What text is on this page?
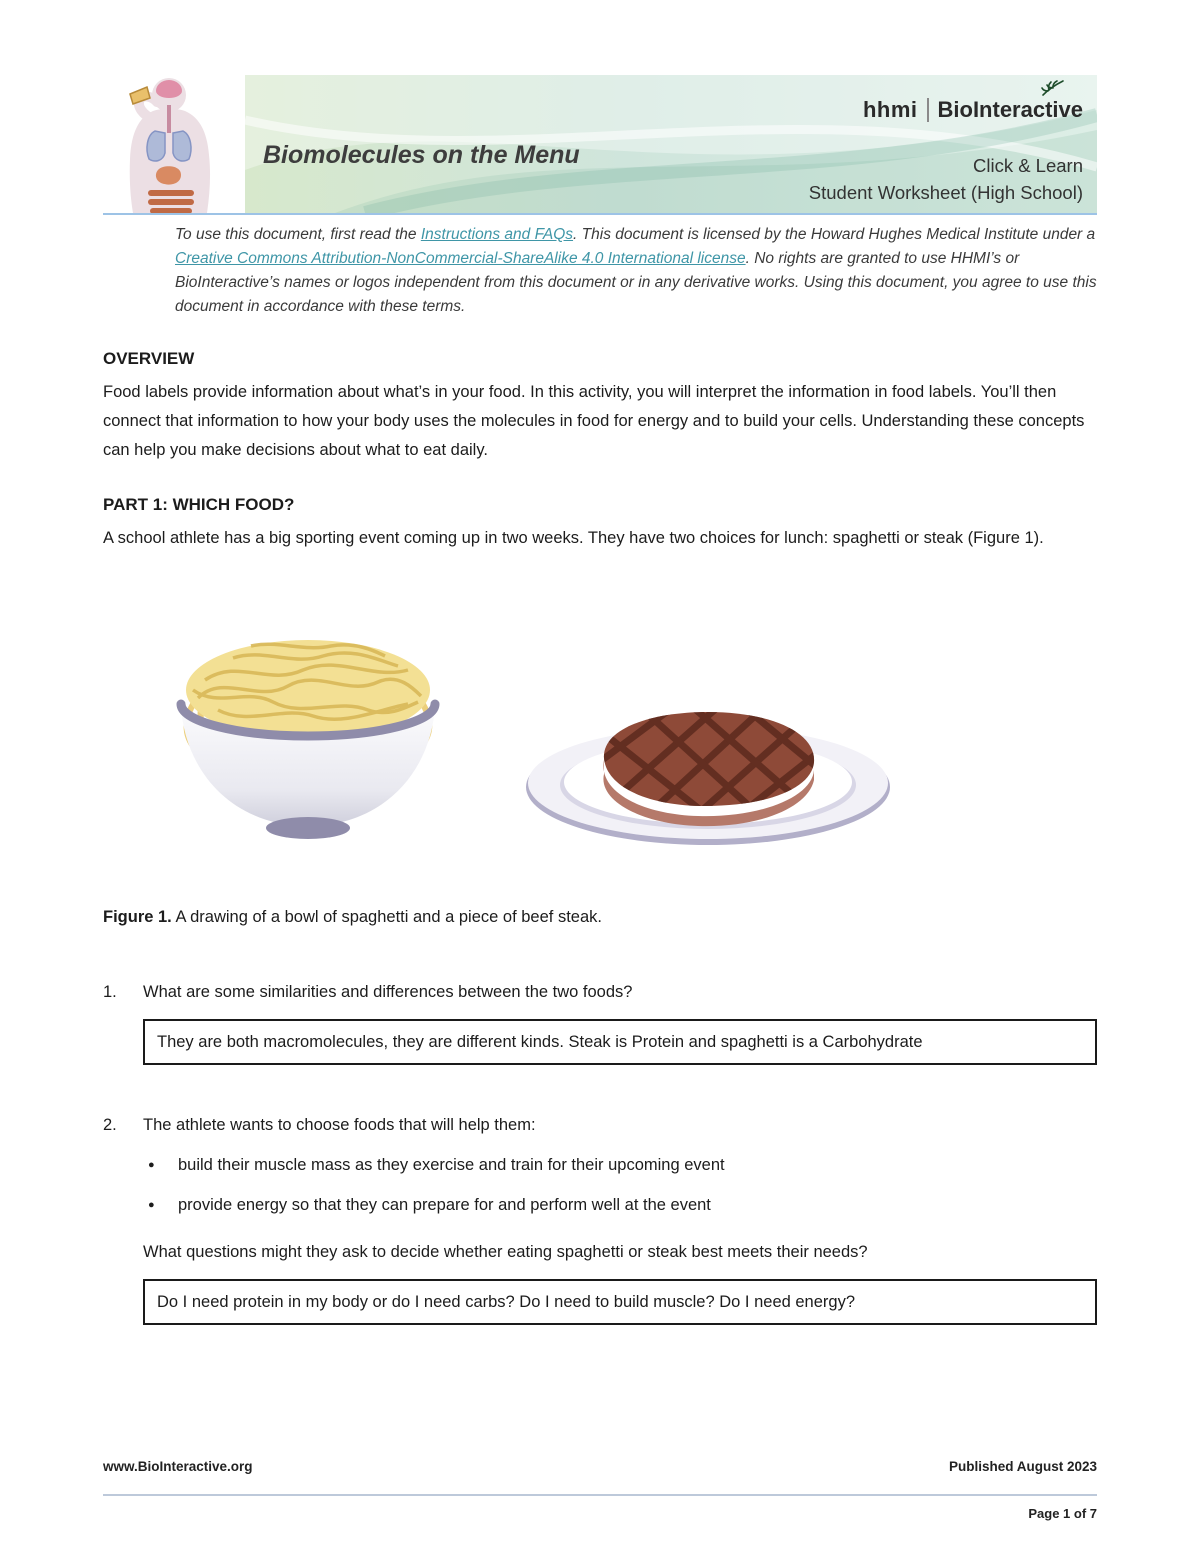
hhmi BioInteractive
Biomolecules on the Menu	Click & Learn
Student Worksheet (High School)

To use this document, first read the Instructions and FAQs. This document is licensed by the Howard Hughes Medical Institute under a Creative Commons Attribution-NonCommercial-ShareAlike 4.0 International license. No rights are granted to use HHMI’s or BioInteractive’s names or logos independent from this document or in any derivative works. Using this document, you agree to use this document in accordance with these terms.

OVERVIEW

Food labels provide information about what’s in your food. In this activity, you will interpret the information in food labels. You’ll then connect that information to how your body uses the molecules in food for energy and to build your cells. Understanding these concepts can help you make decisions about what to eat daily.

PART 1: WHICH FOOD?

A school athlete has a big sporting event coming up in two weeks. They have two choices for lunch: spaghetti or steak (Figure 1).

Figure 1. A drawing of a bowl of spaghetti and a piece of beef steak.

1.	What are some similarities and differences between the two foods?
They are both macromolecules, they are different kinds. Steak is Protein and spaghetti is a Carbohydrate
2.	The athlete wants to choose foods that will help them:
●	build their muscle mass as they exercise and train for their upcoming event
●	provide energy so that they can prepare for and perform well at the event

What questions might they ask to decide whether eating spaghetti or steak best meets their needs?

Do I need protein in my body or do I need carbs? Do I need to build muscle? Do I need energy?
www.BioInteractive.org	Published August 2023
Page 1 of 7
